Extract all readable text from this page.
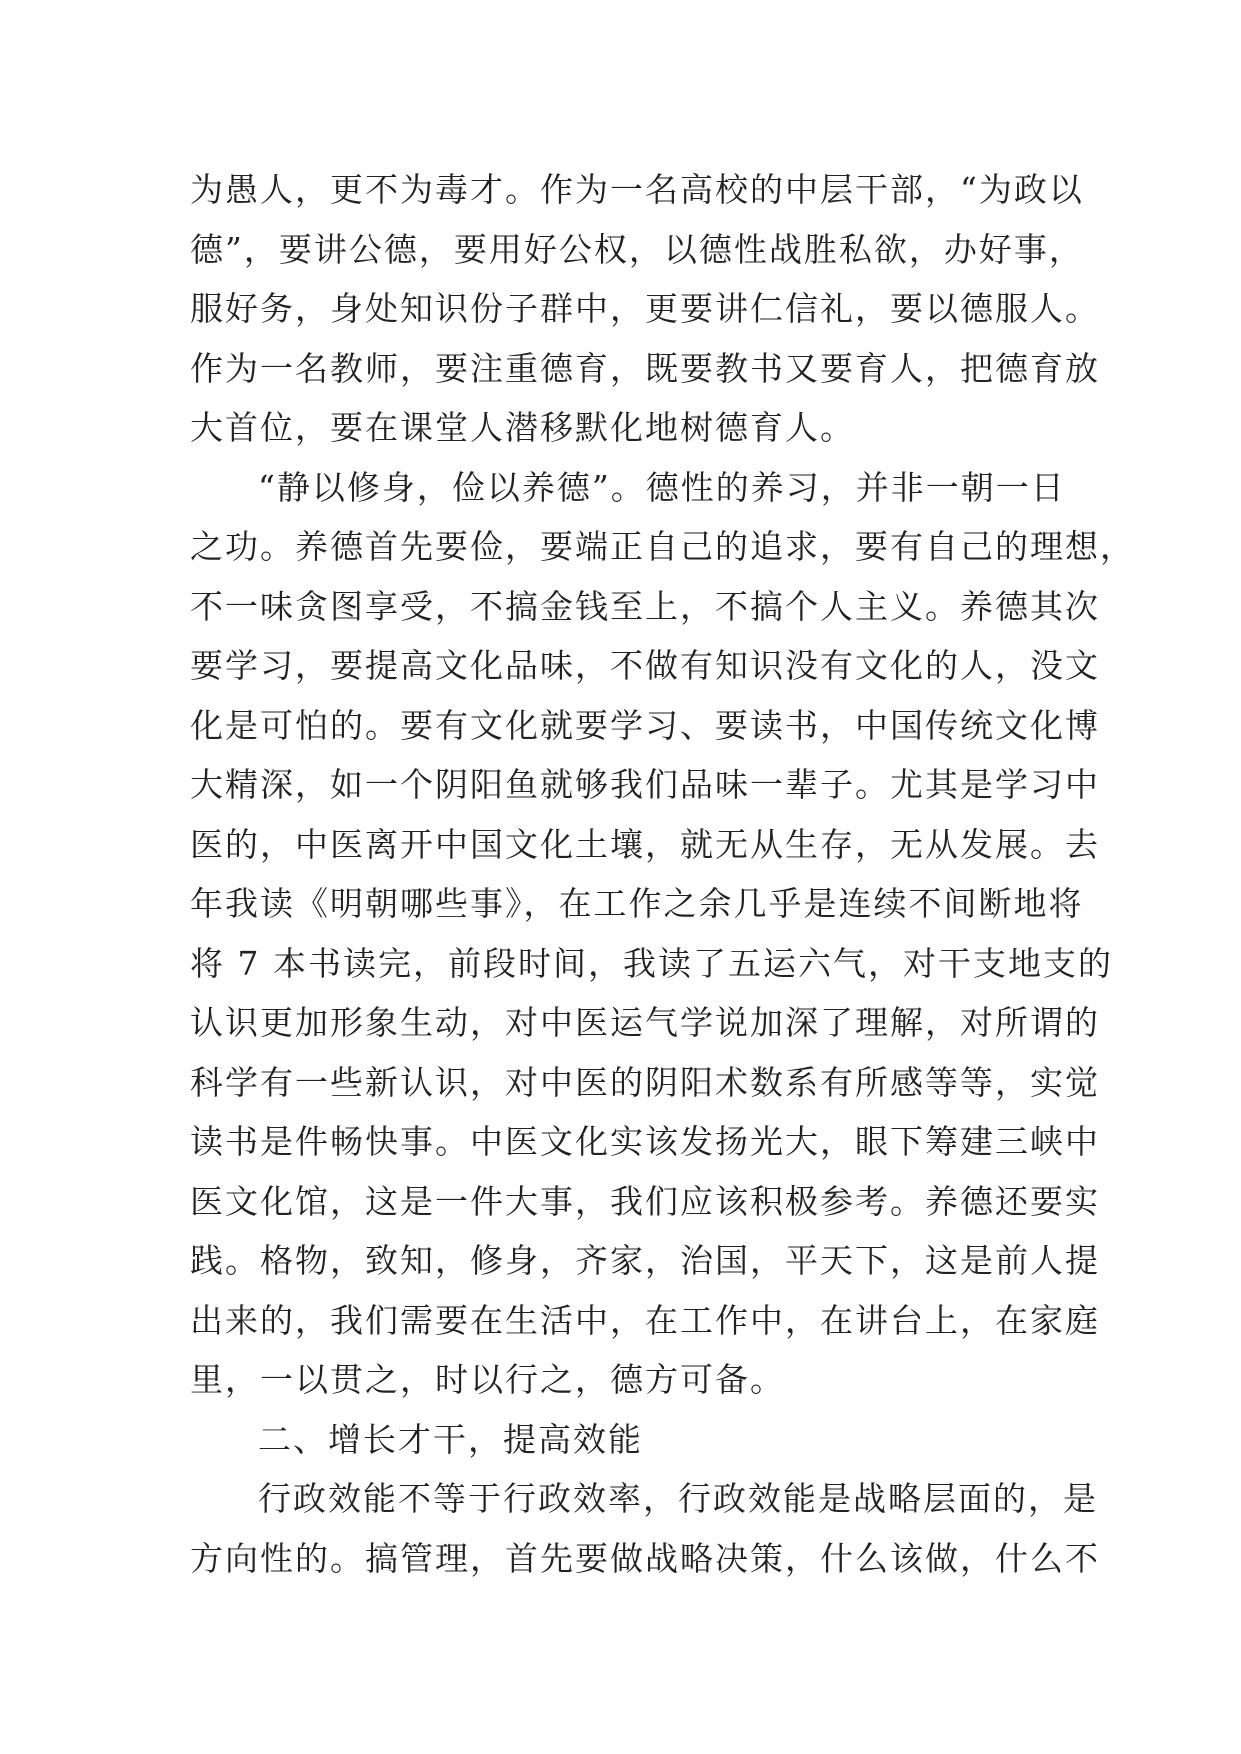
为愚人，更不为毒才。作为一名高校的中层干部，“为政以
德”，要讲公德，要用好公权，以德性战胜私欲，办好事，
服好务，身处知识份子群中，更要讲仁信礼，要以德服人。
作为一名教师，要注重德育，既要教书又要育人，把德育放
大首位，要在课堂人潜移默化地树德育人。
“静以修身，俭以养德”。德性的养习，并非一朝一日
之功。养德首先要俭，要端正自己的追求，要有自己的理想，
不一味贪图享受，不搞金钱至上，不搞个人主义。养德其次
要学习，要提高文化品味，不做有知识没有文化的人，没文
化是可怕的。要有文化就要学习、要读书，中国传统文化博
大精深，如一个阴阳鱼就够我们品味一辈子。尤其是学习中
医的，中医离开中国文化土壤，就无从生存，无从发展。去
年我读《明朝哪些事》，在工作之余几乎是连续不间断地将
将 7 本书读完，前段时间，我读了五运六气，对干支地支的
认识更加形象生动，对中医运气学说加深了理解，对所谓的
科学有一些新认识，对中医的阴阳术数系有所感等等，实觉
读书是件畅快事。中医文化实该发扬光大，眼下筹建三峡中
医文化馆，这是一件大事，我们应该积极参考。养德还要实
践。格物，致知，修身，齐家，治国，平天下，这是前人提
出来的，我们需要在生活中，在工作中，在讲台上，在家庭
里，一以贯之，时以行之，德方可备。
二、增长才干，提高效能
行政效能不等于行政效率，行政效能是战略层面的，是
方向性的。搞管理，首先要做战略决策，什么该做，什么不
